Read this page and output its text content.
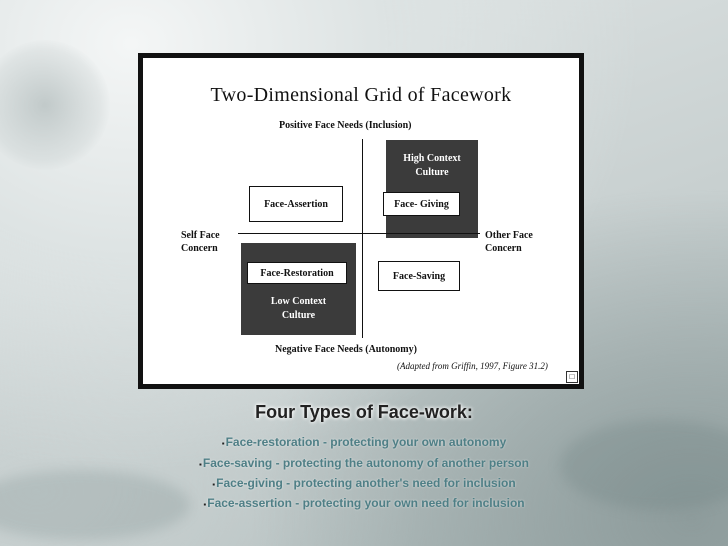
Two-Dimensional Grid of Facework
Positive Face Needs (Inclusion)
High Context
Culture
Low Context
Culture
Face-Assertion	Face- Giving
Face-Restoration	Face-Saving
Self Face
Concern
Other Face
Concern
Negative Face Needs (Autonomy)
(Adapted from Griffin, 1997, Figure 31.2)
□
Four Types of Face-work:
▪Face-restoration - protecting your own autonomy
▪Face-saving - protecting the autonomy of another person
▪Face-giving - protecting another's need for inclusion
▪Face-assertion - protecting your own need for inclusion
